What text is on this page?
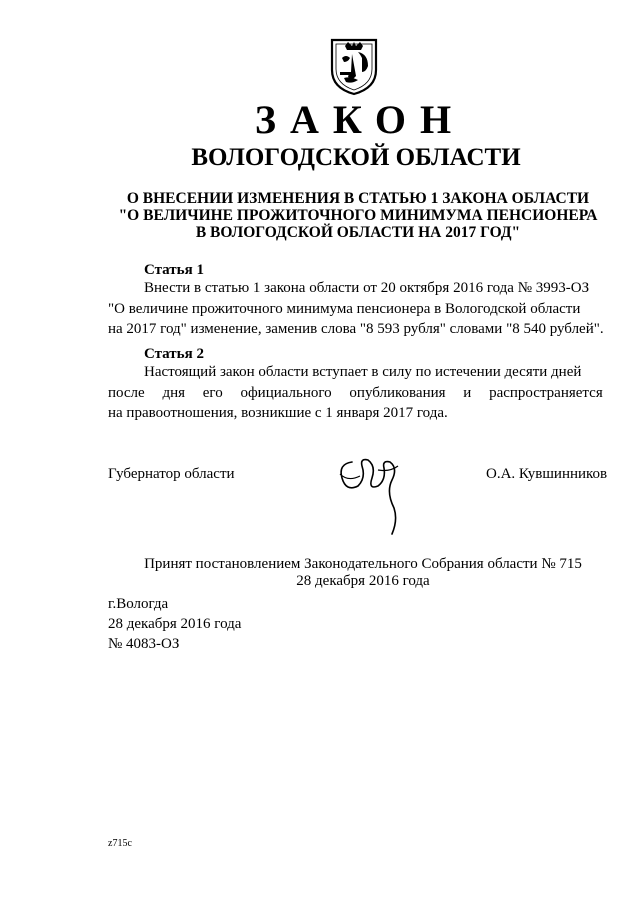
ЗАКОН
ВОЛОГОДСКОЙ ОБЛАСТИ
О ВНЕСЕНИИ ИЗМЕНЕНИЯ В СТАТЬЮ 1 ЗАКОНА ОБЛАСТИ
"О ВЕЛИЧИНЕ ПРОЖИТОЧНОГО МИНИМУМА ПЕНСИОНЕРА
В ВОЛОГОДСКОЙ ОБЛАСТИ НА 2017 ГОД"
Статья 1
Внести в статью 1 закона области от 20 октября 2016 года № 3993-ОЗ
"О величине прожиточного минимума пенсионера в Вологодской области
на 2017 год" изменение, заменив слова "8 593 рубля" словами "8 540 рублей".
Статья 2
Настоящий закон области вступает в силу по истечении десяти дней
после дня его официального опубликования и распространяется
на правоотношения, возникшие с 1 января 2017 года.
Губернатор области	О.А. Кувшинников
Принят постановлением Законодательного Собрания области № 715
28 декабря 2016 года
г.Вологда
28 декабря 2016 года
№ 4083-ОЗ
z715c
